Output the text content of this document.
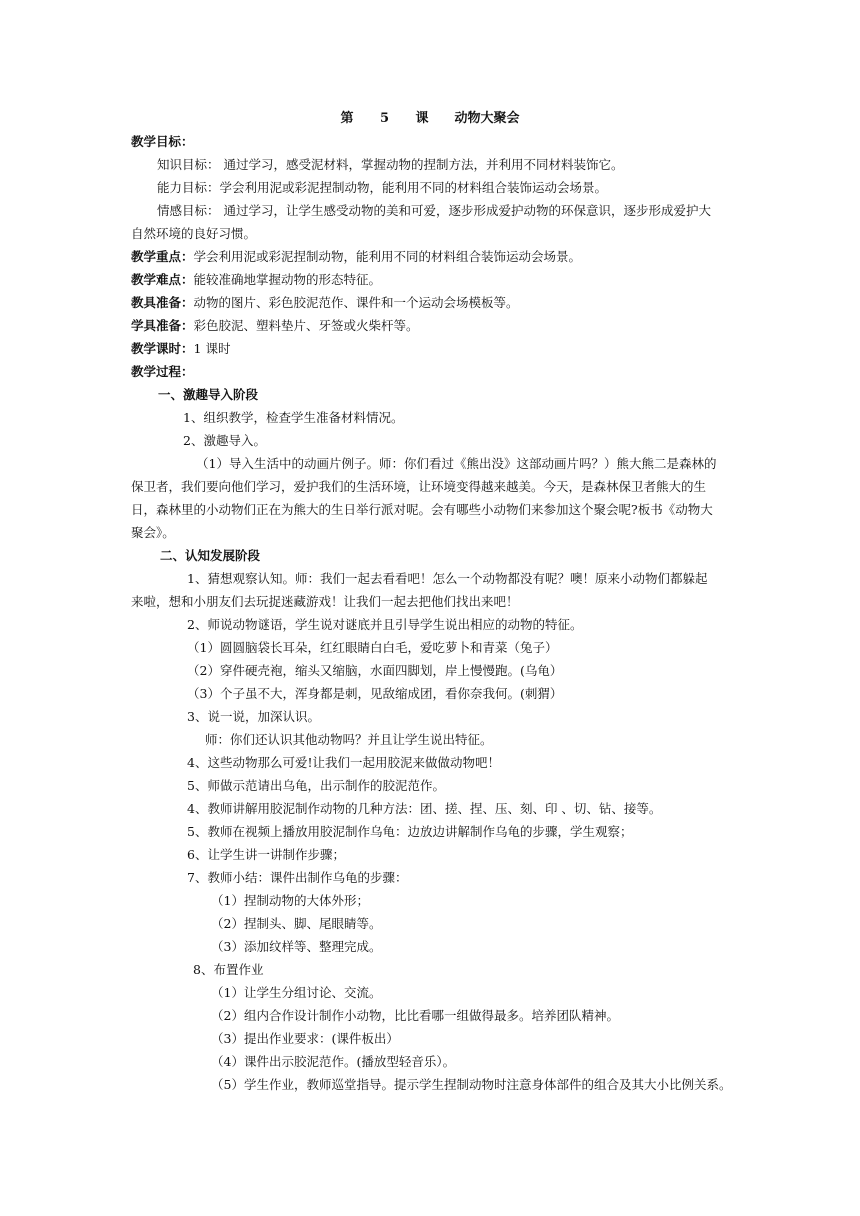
第 5 课　　动物大聚会
教学目标：
知识目标： 通过学习，感受泥材料，掌握动物的捏制方法，并利用不同材料装饰它。
能力目标：学会利用泥或彩泥捏制动物，能利用不同的材料组合装饰运动会场景。
情感目标： 通过学习，让学生感受动物的美和可爱，逐步形成爱护动物的环保意识，逐步形成爱护大
自然环境的良好习惯。
教学重点：学会利用泥或彩泥捏制动物，能利用不同的材料组合装饰运动会场景。
教学难点：能较准确地掌握动物的形态特征。
教具准备：动物的图片、彩色胶泥范作、课件和一个运动会场模板等。
学具准备：彩色胶泥、塑料垫片、牙签或火柴杆等。
教学课时：1 课时
教学过程：
一、激趣导入阶段
1、组织教学，检查学生准备材料情况。
2、激趣导入。
（1）导入生活中的动画片例子。师：你们看过《熊出没》这部动画片吗？）熊大熊二是森林的
保卫者，我们要向他们学习，爱护我们的生活环境，让环境变得越来越美。今天，是森林保卫者熊大的生
日，森林里的小动物们正在为熊大的生日举行派对呢。会有哪些小动物们来参加这个聚会呢?板书《动物大
聚会》。
二、认知发展阶段
1、猜想观察认知。师：我们一起去看看吧！怎么一个动物都没有呢？噢！原来小动物们都躲起
来啦，想和小朋友们去玩捉迷藏游戏！让我们一起去把他们找出来吧！
2、师说动物谜语，学生说对谜底并且引导学生说出相应的动物的特征。
（1）圆圆脑袋长耳朵，红红眼睛白白毛，爱吃萝卜和青菜（兔子）
（2）穿件硬壳袍，缩头又缩脑，水面四脚划，岸上慢慢跑。(乌龟）
（3）个子虽不大，浑身都是刺，见敌缩成团，看你奈我何。(刺猬）
3、说一说，加深认识。
师：你们还认识其他动物吗？并且让学生说出特征。
4、这些动物那么可爱!让我们一起用胶泥来做做动物吧！
5、师做示范请出乌龟，出示制作的胶泥范作。
4、教师讲解用胶泥制作动物的几种方法：团、搓、捏、压、刻、印 、切、钻、接等。
5、教师在视频上播放用胶泥制作乌龟：边放边讲解制作乌龟的步骤，学生观察；
6、让学生讲一讲制作步骤；
7、教师小结：课件出制作乌龟的步骤：
（1）捏制动物的大体外形；
（2）捏制头、脚、尾眼睛等。
（3）添加纹样等、整理完成。
8、布置作业
（1）让学生分组讨论、交流。
（2）组内合作设计制作小动物，比比看哪一组做得最多。培养团队精神。
（3）提出作业要求：(课件板出）
（4）课件出示胶泥范作。(播放型轻音乐）。
（5）学生作业，教师巡堂指导。提示学生捏制动物时注意身体部件的组合及其大小比例关系。
